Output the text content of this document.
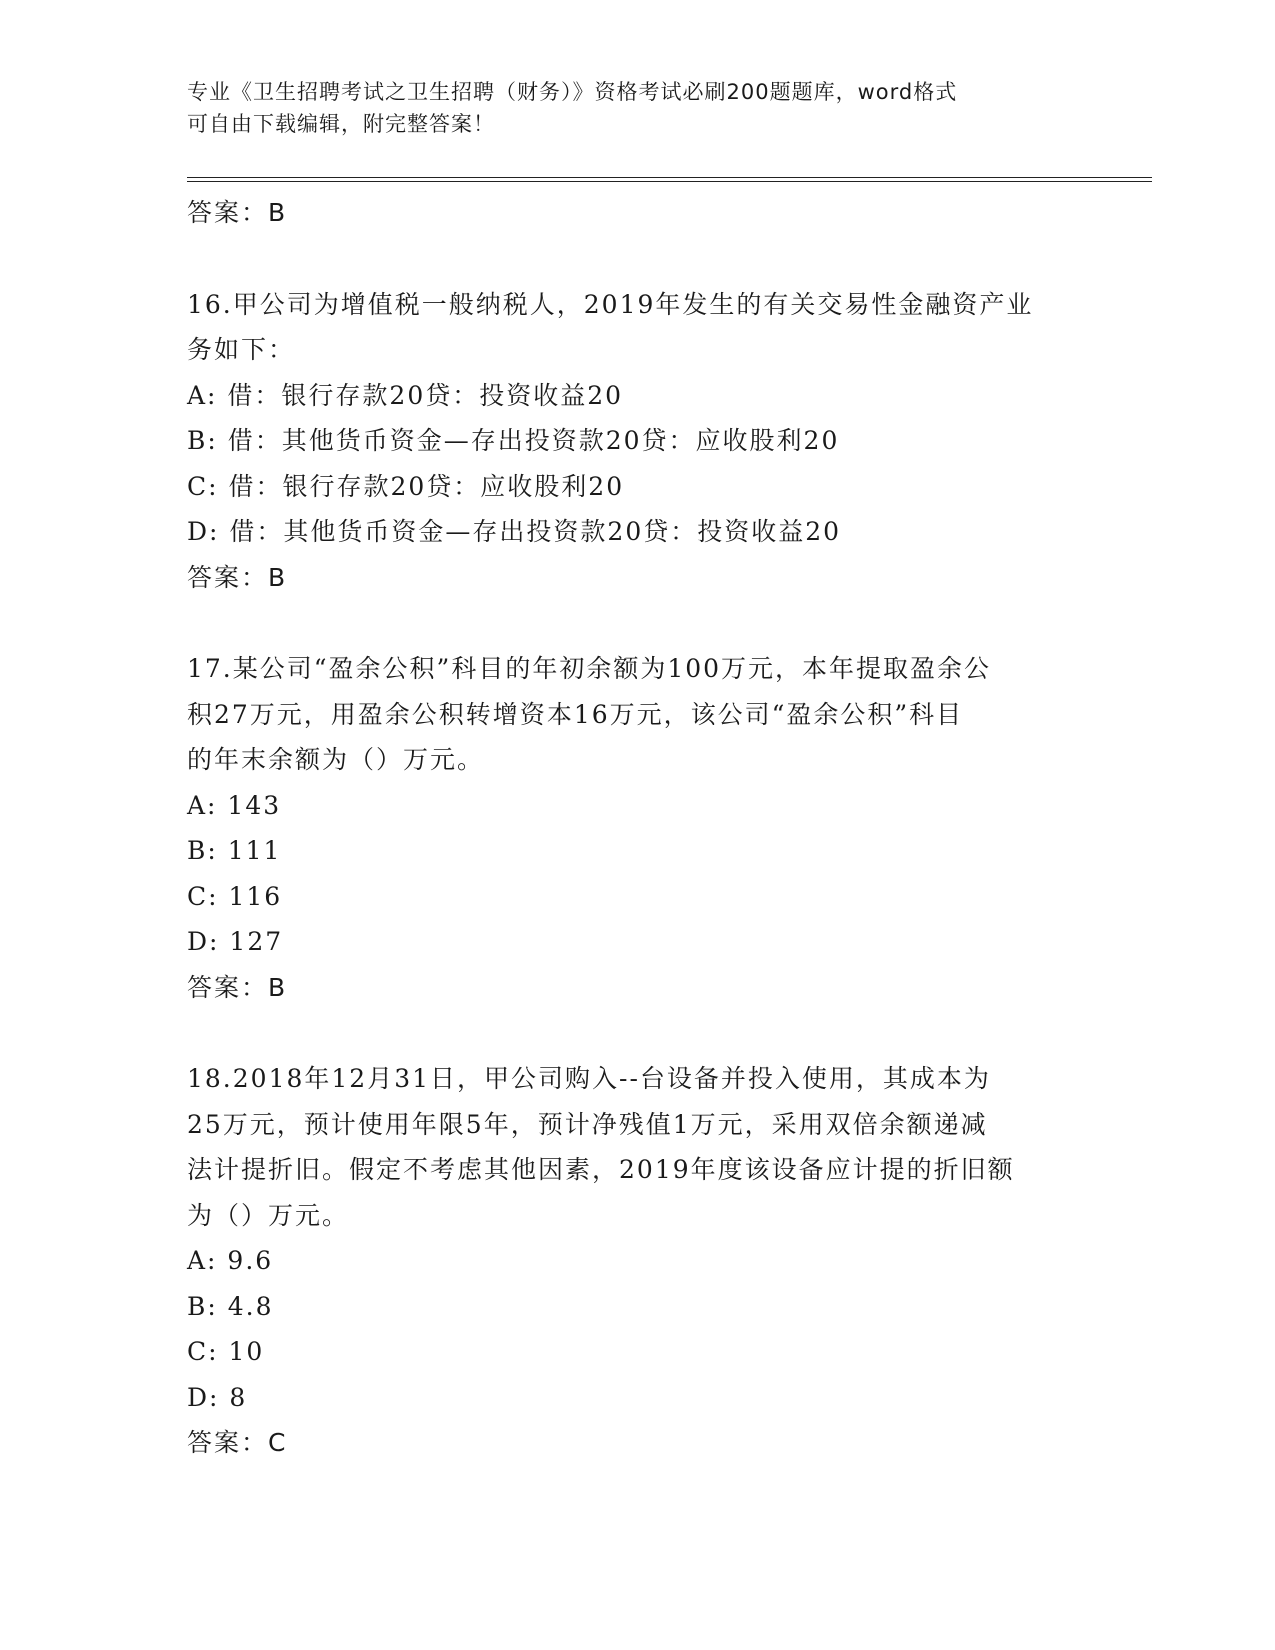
专业《卫生招聘考试之卫生招聘（财务）》资格考试必刷200题题库，word格式
可自由下载编辑，附完整答案！
答案：B
16.甲公司为增值税一般纳税人，2019年发生的有关交易性金融资产业
务如下：
A: 借：银行存款20贷：投资收益20
B: 借：其他货币资金—存出投资款20贷：应收股利20
C: 借：银行存款20贷：应收股利20
D: 借：其他货币资金—存出投资款20贷：投资收益20
答案：B
17.某公司“盈余公积”科目的年初余额为100万元，本年提取盈余公
积27万元，用盈余公积转增资本16万元，该公司“盈余公积”科目
的年末余额为（）万元。
A: 143
B: 111
C: 116
D: 127
答案：B
18.2018年12月31日，甲公司购入--台设备并投入使用，其成本为
25万元，预计使用年限5年，预计净残值1万元，采用双倍余额递减
法计提折旧。假定不考虑其他因素，2019年度该设备应计提的折旧额
为（）万元。
A: 9.6
B: 4.8
C: 10
D: 8
答案：C
